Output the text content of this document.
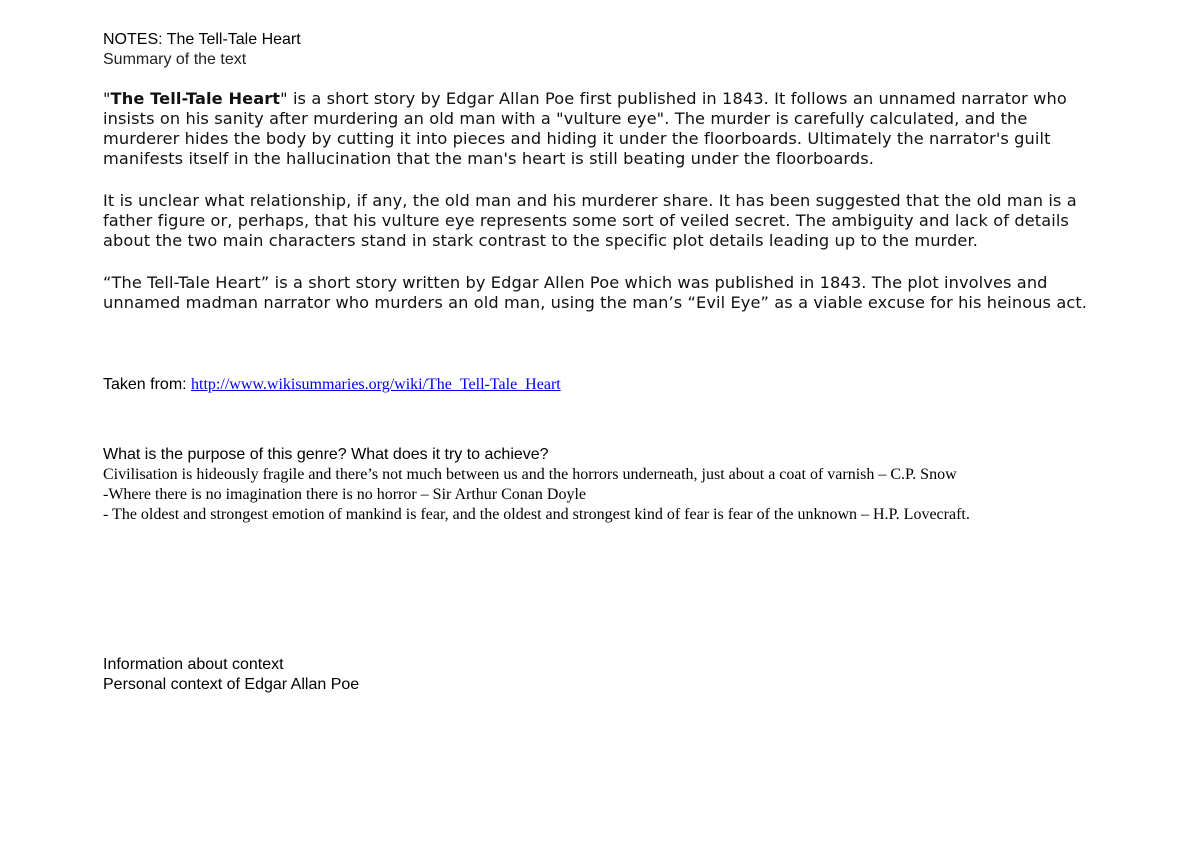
NOTES: The Tell-Tale Heart

Summary of the text

"The Tell-Tale Heart" is a short story by Edgar Allan Poe first published in 1843. It follows an unnamed narrator who insists on his sanity after murdering an old man with a "vulture eye". The murder is carefully calculated, and the murderer hides the body by cutting it into pieces and hiding it under the floorboards. Ultimately the narrator's guilt manifests itself in the hallucination that the man's heart is still beating under the floorboards.

It is unclear what relationship, if any, the old man and his murderer share. It has been suggested that the old man is a father figure or, perhaps, that his vulture eye represents some sort of veiled secret. The ambiguity and lack of details about the two main characters stand in stark contrast to the specific plot details leading up to the murder.

“The Tell-Tale Heart” is a short story written by Edgar Allen Poe which was published in 1843. The plot involves and unnamed madman narrator who murders an old man, using the man’s “Evil Eye” as a viable excuse for his heinous act.

Taken from: http://www.wikisummaries.org/wiki/The_Tell-Tale_Heart
What is the purpose of this genre? What does it try to achieve?

Civilisation is hideously fragile and there’s not much between us and the horrors underneath, just about a coat of varnish – C.P. Snow

-Where there is no imagination there is no horror – Sir Arthur Conan Doyle

- The oldest and strongest emotion of mankind is fear, and the oldest and strongest kind of fear is fear of the unknown – H.P. Lovecraft.

Information about context
Personal context of Edgar Allan Poe
